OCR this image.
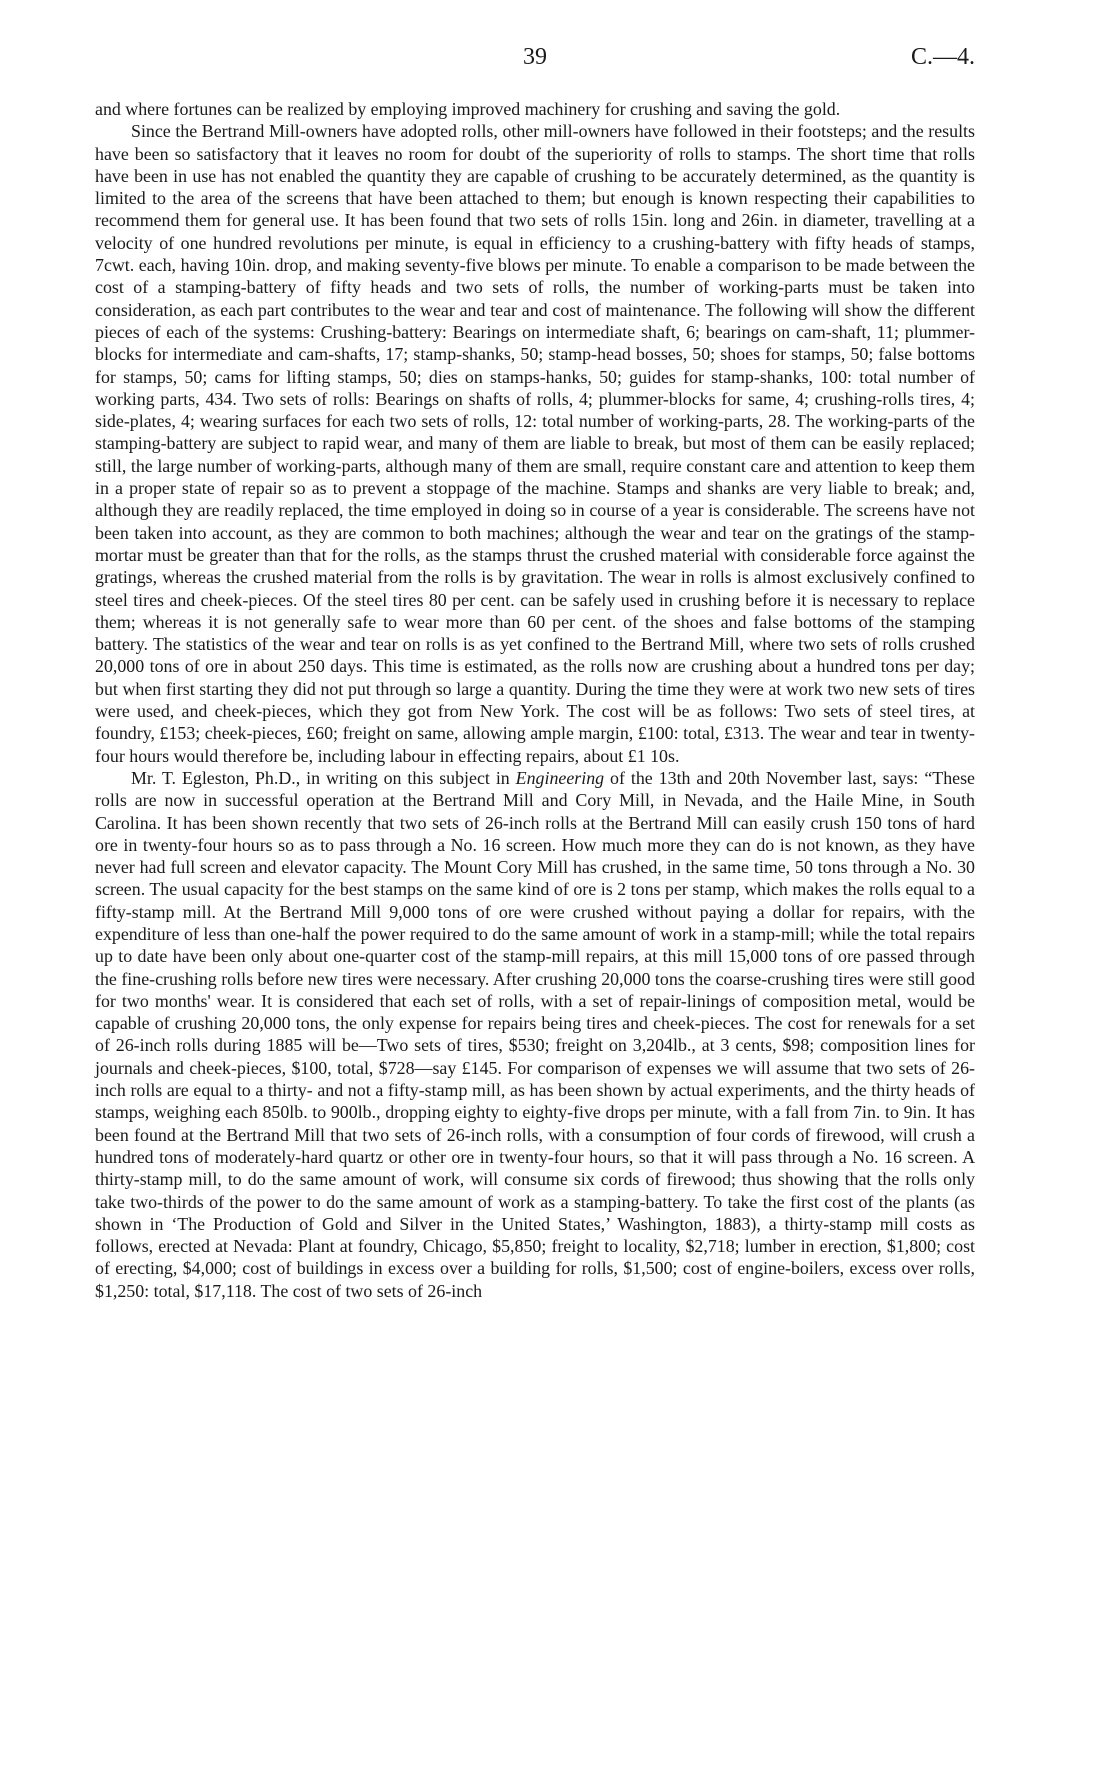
39	C.—4.

and where fortunes can be realized by employing improved machinery for crushing and saving the gold.

Since the Bertrand Mill-owners have adopted rolls, other mill-owners have followed in their footsteps; and the results have been so satisfactory that it leaves no room for doubt of the superiority of rolls to stamps. The short time that rolls have been in use has not enabled the quantity they are capable of crushing to be accurately determined, as the quantity is limited to the area of the screens that have been attached to them; but enough is known respecting their capabilities to recommend them for general use. It has been found that two sets of rolls 15in. long and 26in. in diameter, travelling at a velocity of one hundred revolutions per minute, is equal in efficiency to a crushing-battery with fifty heads of stamps, 7cwt. each, having 10in. drop, and making seventy-five blows per minute. To enable a comparison to be made between the cost of a stamping-battery of fifty heads and two sets of rolls, the number of working-parts must be taken into consideration, as each part contributes to the wear and tear and cost of maintenance. The following will show the different pieces of each of the systems: Crushing-battery: Bearings on intermediate shaft, 6; bearings on cam-shaft, 11; plummer-blocks for intermediate and cam-shafts, 17; stamp-shanks, 50; stamp-head bosses, 50; shoes for stamps, 50; false bottoms for stamps, 50; cams for lifting stamps, 50; dies on stamps-hanks, 50; guides for stamp-shanks, 100: total number of working parts, 434. Two sets of rolls: Bearings on shafts of rolls, 4; plummer-blocks for same, 4; crushing-rolls tires, 4; side-plates, 4; wearing surfaces for each two sets of rolls, 12: total number of working-parts, 28. The working-parts of the stamping-battery are subject to rapid wear, and many of them are liable to break, but most of them can be easily replaced; still, the large number of working-parts, although many of them are small, require constant care and attention to keep them in a proper state of repair so as to prevent a stoppage of the machine. Stamps and shanks are very liable to break; and, although they are readily replaced, the time employed in doing so in course of a year is considerable. The screens have not been taken into account, as they are common to both machines; although the wear and tear on the gratings of the stamp-mortar must be greater than that for the rolls, as the stamps thrust the crushed material with considerable force against the gratings, whereas the crushed material from the rolls is by gravitation. The wear in rolls is almost exclusively confined to steel tires and cheek-pieces. Of the steel tires 80 per cent. can be safely used in crushing before it is necessary to replace them; whereas it is not generally safe to wear more than 60 per cent. of the shoes and false bottoms of the stamping battery. The statistics of the wear and tear on rolls is as yet confined to the Bertrand Mill, where two sets of rolls crushed 20,000 tons of ore in about 250 days. This time is estimated, as the rolls now are crushing about a hundred tons per day; but when first starting they did not put through so large a quantity. During the time they were at work two new sets of tires were used, and cheek-pieces, which they got from New York. The cost will be as follows: Two sets of steel tires, at foundry, £153; cheek-pieces, £60; freight on same, allowing ample margin, £100: total, £313. The wear and tear in twenty-four hours would therefore be, including labour in effecting repairs, about £1 10s.

Mr. T. Egleston, Ph.D., in writing on this subject in Engineering of the 13th and 20th November last, says: “These rolls are now in successful operation at the Bertrand Mill and Cory Mill, in Nevada, and the Haile Mine, in South Carolina. It has been shown recently that two sets of 26-inch rolls at the Bertrand Mill can easily crush 150 tons of hard ore in twenty-four hours so as to pass through a No. 16 screen. How much more they can do is not known, as they have never had full screen and elevator capacity. The Mount Cory Mill has crushed, in the same time, 50 tons through a No. 30 screen. The usual capacity for the best stamps on the same kind of ore is 2 tons per stamp, which makes the rolls equal to a fifty-stamp mill. At the Bertrand Mill 9,000 tons of ore were crushed without paying a dollar for repairs, with the expenditure of less than one-half the power required to do the same amount of work in a stamp-mill; while the total repairs up to date have been only about one-quarter cost of the stamp-mill repairs, at this mill 15,000 tons of ore passed through the fine-crushing rolls before new tires were necessary. After crushing 20,000 tons the coarse-crushing tires were still good for two months' wear. It is considered that each set of rolls, with a set of repair-linings of composition metal, would be capable of crushing 20,000 tons, the only expense for repairs being tires and cheek-pieces. The cost for renewals for a set of 26-inch rolls during 1885 will be—Two sets of tires, $530; freight on 3,204lb., at 3 cents, $98; composition lines for journals and cheek-pieces, $100, total, $728—say £145. For comparison of expenses we will assume that two sets of 26-inch rolls are equal to a thirty- and not a fifty-stamp mill, as has been shown by actual experiments, and the thirty heads of stamps, weighing each 850lb. to 900lb., dropping eighty to eighty-five drops per minute, with a fall from 7in. to 9in. It has been found at the Bertrand Mill that two sets of 26-inch rolls, with a consumption of four cords of firewood, will crush a hundred tons of moderately-hard quartz or other ore in twenty-four hours, so that it will pass through a No. 16 screen. A thirty-stamp mill, to do the same amount of work, will consume six cords of firewood; thus showing that the rolls only take two-thirds of the power to do the same amount of work as a stamping-battery. To take the first cost of the plants (as shown in ‘The Production of Gold and Silver in the United States,’ Washington, 1883), a thirty-stamp mill costs as follows, erected at Nevada: Plant at foundry, Chicago, $5,850; freight to locality, $2,718; lumber in erection, $1,800; cost of erecting, $4,000; cost of buildings in excess over a building for rolls, $1,500; cost of engine-boilers, excess over rolls, $1,250: total, $17,118. The cost of two sets of 26-inch
